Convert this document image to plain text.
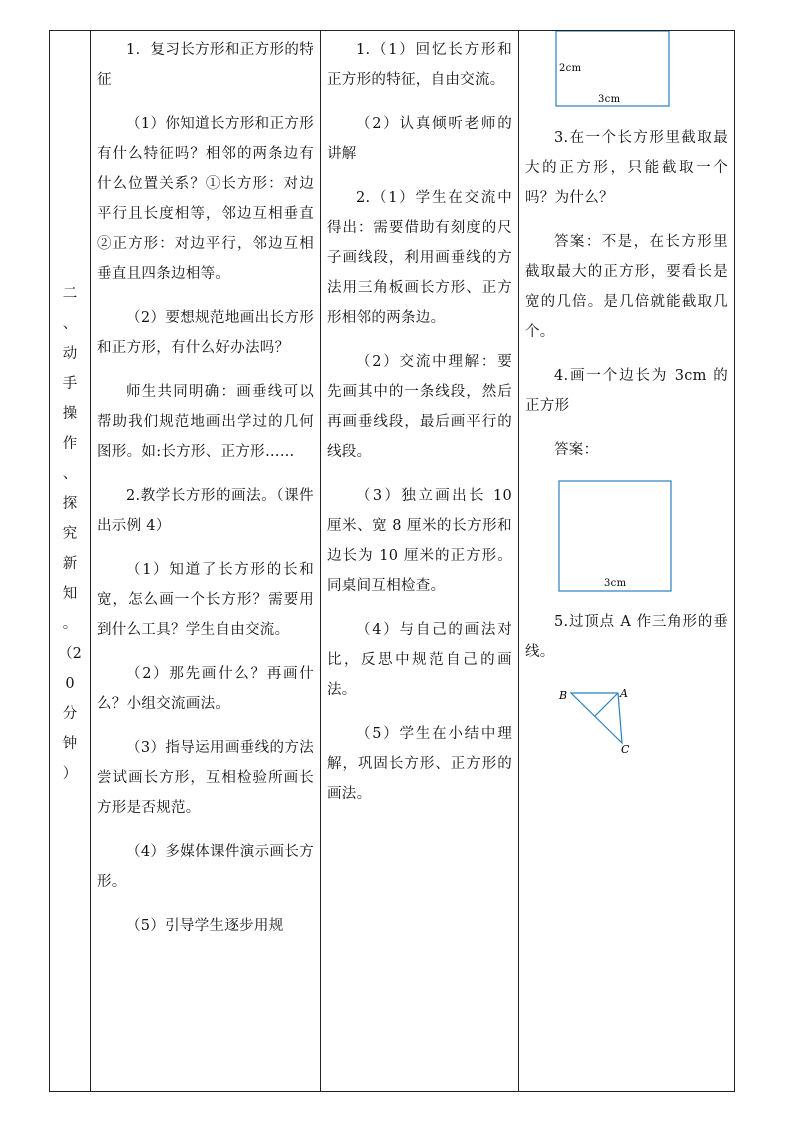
二
、
动
手
操
作
、
探
究
新
知
。
（2
0
分
钟
）

1．复习长方形和正方形的特征

（1）你知道长方形和正方形有什么特征吗？相邻的两条边有什么位置关系？①长方形：对边平行且长度相等，邻边互相垂直②正方形：对边平行，邻边互相垂直且四条边相等。

（2）要想规范地画出长方形和正方形，有什么好办法吗？

师生共同明确：画垂线可以帮助我们规范地画出学过的几何图形。如:长方形、正方形……

2.教学长方形的画法。（课件出示例 4）

（1）知道了长方形的长和宽，怎么画一个长方形？需要用到什么工具？学生自由交流。

（2）那先画什么？再画什么？小组交流画法。

（3）指导运用画垂线的方法尝试画长方形，互相检验所画长方形是否规范。

（4）多媒体课件演示画长方形。

（5）引导学生逐步用规

1.（1）回忆长方形和正方形的特征，自由交流。

（2）认真倾听老师的讲解

2.（1）学生在交流中得出：需要借助有刻度的尺子画线段，利用画垂线的方法用三角板画长方形、正方形相邻的两条边。

（2）交流中理解：要先画其中的一条线段，然后再画垂线段，最后画平行的线段。

（3）独立画出长 10 厘米、宽 8 厘米的长方形和边长为 10 厘米的正方形。同桌间互相检查。

（4）与自己的画法对比，反思中规范自己的画法。

（5）学生在小结中理解，巩固长方形、正方形的画法。

2cm
3cm

3.在一个长方形里截取最大的正方形，只能截取一个吗？为什么？

答案：不是，在长方形里截取最大的正方形，要看长是宽的几倍。是几倍就能截取几个。

4.画一个边长为 3cm 的正方形

答案：

3cm

5.过顶点 A 作三角形的垂线。

B	A
C
